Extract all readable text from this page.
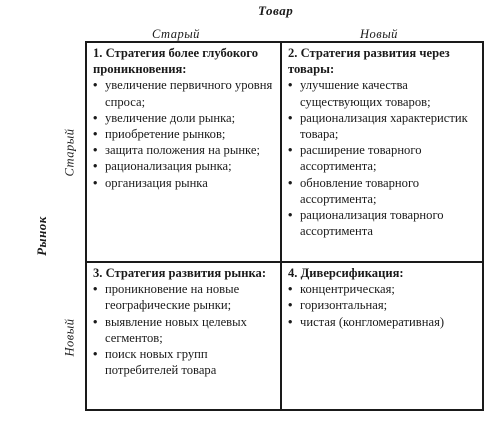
Товар
Старый	Новый
Рынок
Старый
Новый

1. Стратегия более глубокого проникновения:

• увеличение первичного уровня спроса;
• увеличение доли рынка;
• приобретение рынков;
• защита положения на рынке;
• рационализация рынка;
• организация рынка

2. Стратегия развития через товары:

• улучшение качества существующих товаров;
• рационализация характеристик товара;
• расширение товарного ассортимента;
• обновление товарного ассортимента;
• рационализация товарного ассортимента

3. Стратегия развития рынка:

• проникновение на новые географические рынки;
• выявление новых целевых сегментов;
• поиск новых групп потребителей товара

4. Диверсификация:

• концентрическая;
• горизонтальная;
• чистая (конгломеративная)
